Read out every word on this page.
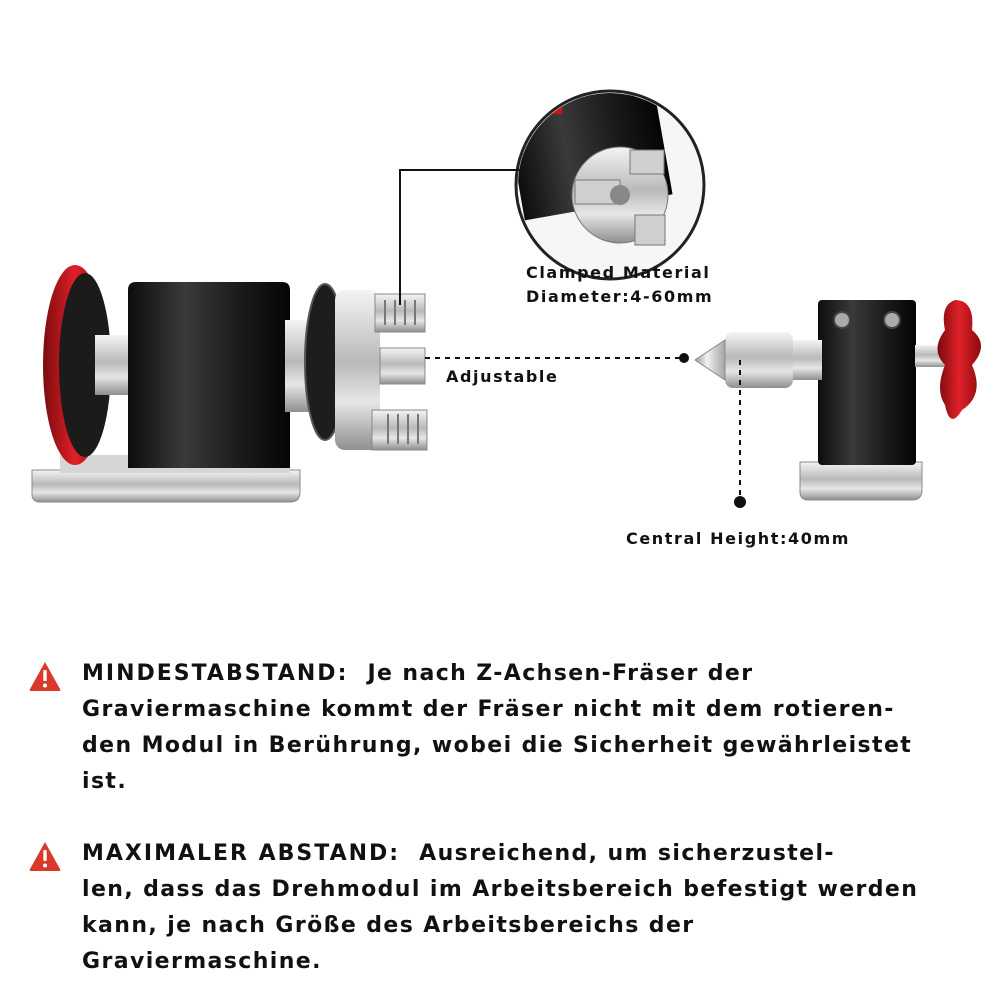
Clamped Material
Diameter:4-60mm
Adjustable
Central Height:40mm
MINDESTABSTAND: Je nach Z-Achsen-Fräser der
Graviermaschine kommt der Fräser nicht mit dem rotieren-
den Modul in Berührung, wobei die Sicherheit gewährleistet
ist.
MAXIMALER ABSTAND: Ausreichend, um sicherzustel-
len, dass das Drehmodul im Arbeitsbereich befestigt werden
kann, je nach Größe des Arbeitsbereichs der
Graviermaschine.
